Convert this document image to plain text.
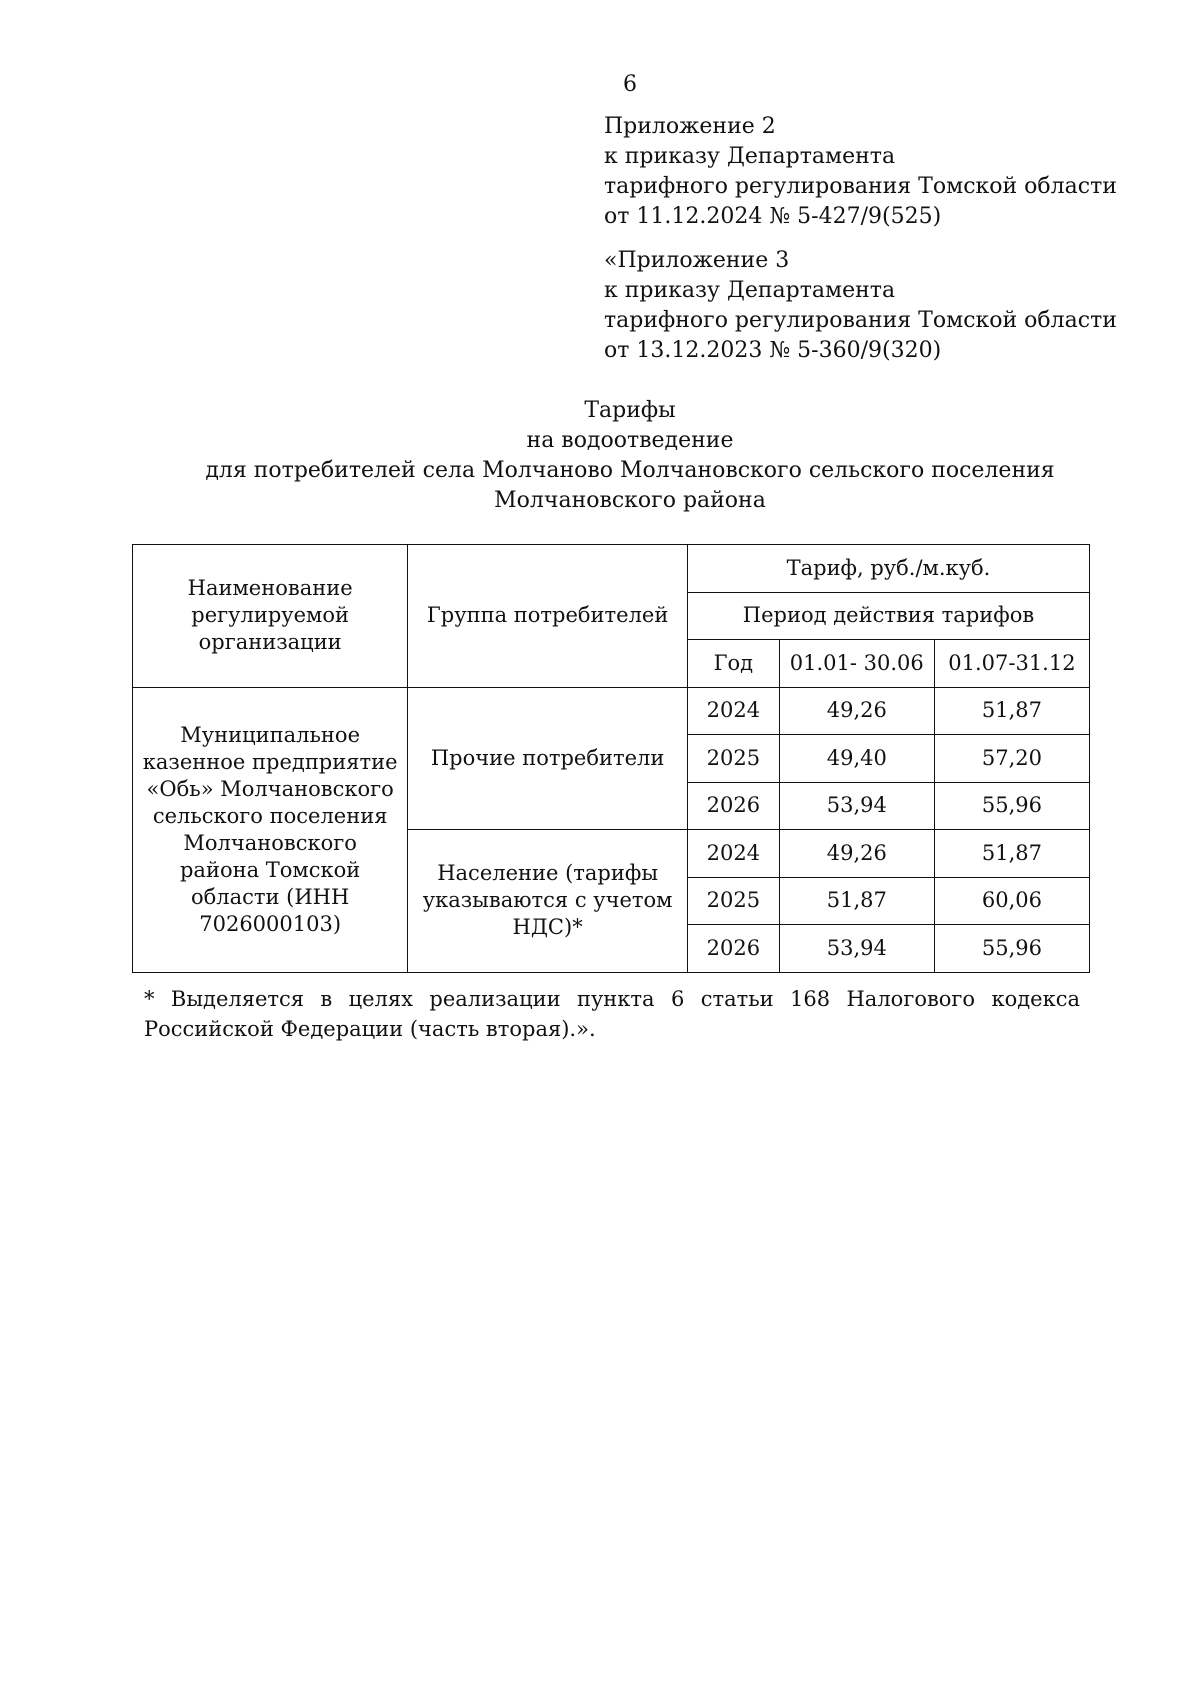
6
Приложение 2
к приказу Департамента
тарифного регулирования Томской области
от 11.12.2024 № 5-427/9(525)
«Приложение 3
к приказу Департамента
тарифного регулирования Томской области
от 13.12.2023 № 5-360/9(320)
Тарифы
на водоотведение
для потребителей села Молчаново Молчановского сельского поселения
Молчановского района
Наименование регулируемой организации	Группа потребителей	Тариф, руб./м.куб.		
		Период действия тарифов		
		Год	01.01- 30.06	01.07-31.12
Муниципальное казенное предприятие «Обь» Молчановского сельского поселения Молчановского района Томской области (ИНН 7026000103)	Прочие потребители	2024	49,26	51,87
		2025	49,40	57,20
		2026	53,94	55,96
	Население (тарифы указываются с учетом НДС)*	2024	49,26	51,87
		2025	51,87	60,06
		2026	53,94	55,96
* Выделяется в целях реализации пункта 6 статьи 168 Налогового кодекса Российской Федерации (часть вторая).».
